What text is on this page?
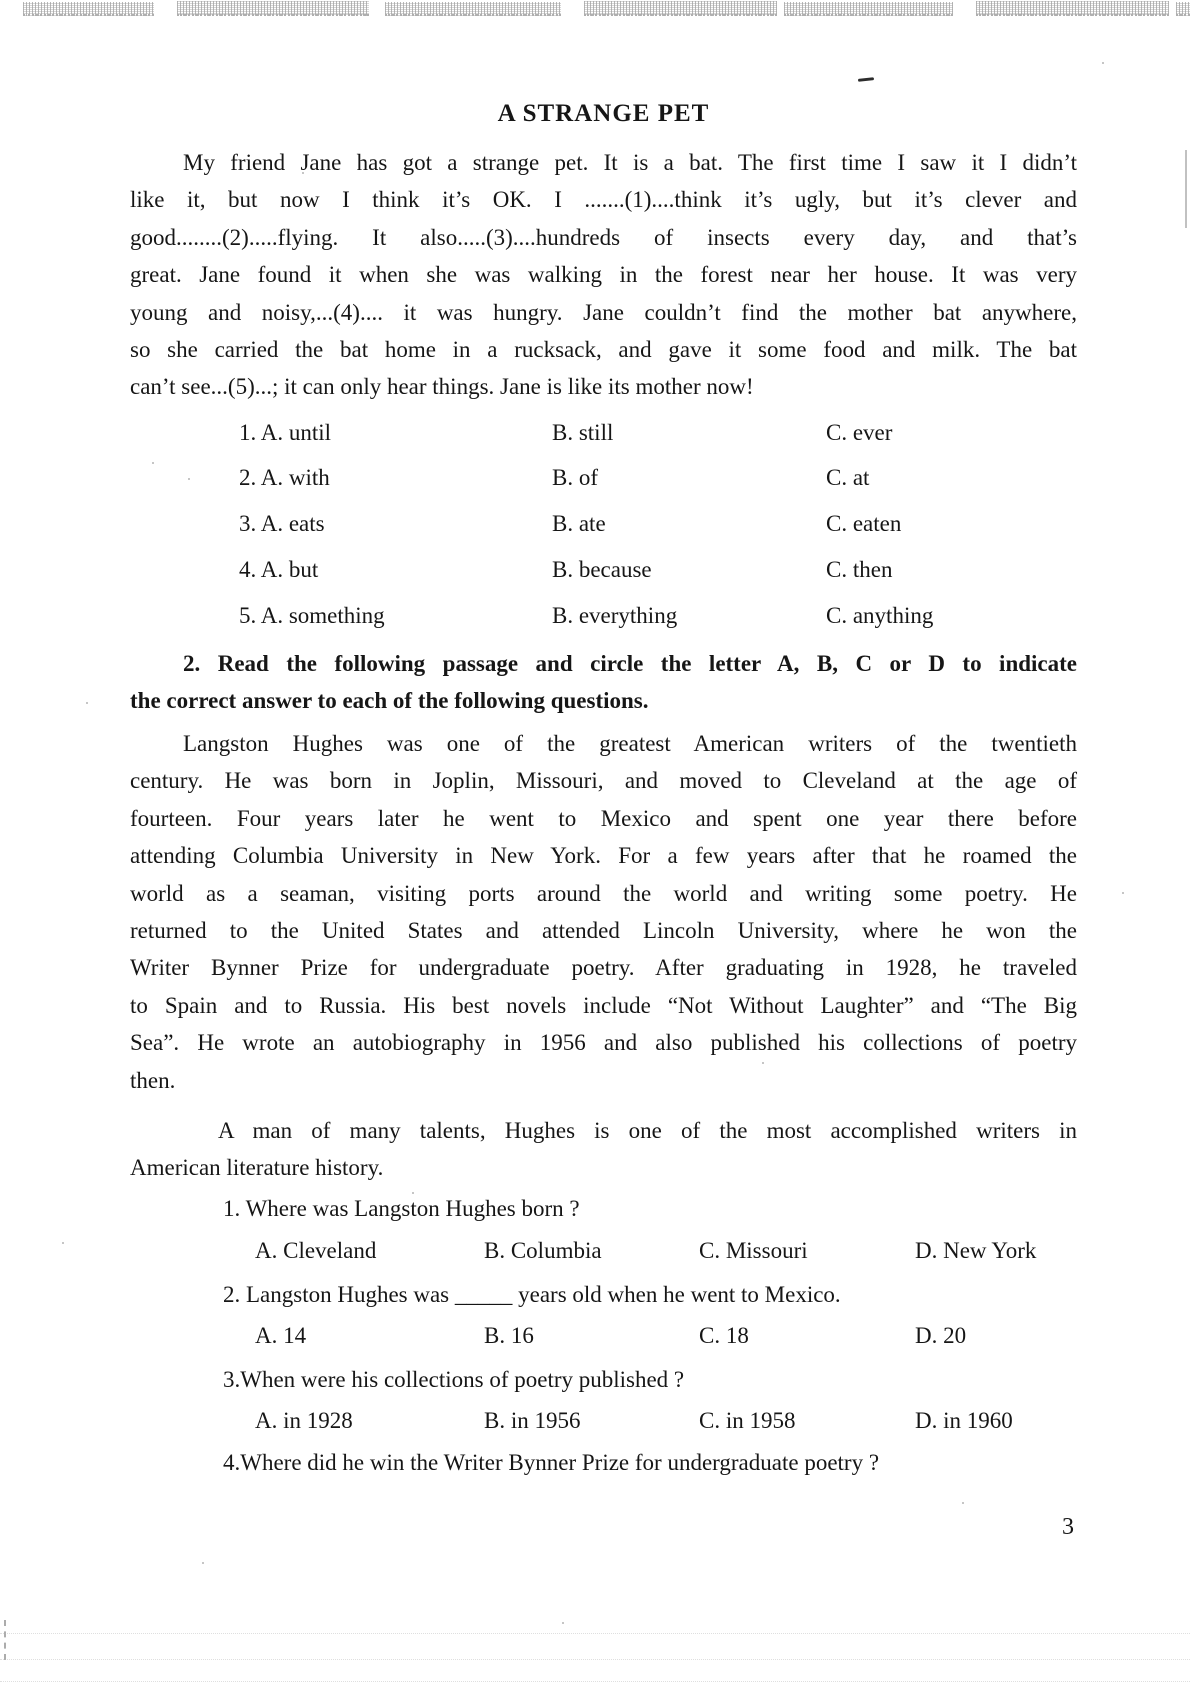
A STRANGE PET
My friend Jane has got a strange pet. It is a bat. The first time I saw it I didn’t
like it, but now I think it’s OK. I .......(1)....think it’s ugly, but it’s clever and
good........(2).....flying. It also.....(3)....hundreds of insects every day, and that’s
great. Jane found it when she was walking in the forest near her house. It was very
young and noisy,...(4).... it was hungry. Jane couldn’t find the mother bat anywhere,
so she carried the bat home in a rucksack, and gave it some food and milk. The bat
can’t see...(5)...; it can only hear things. Jane is like its mother now!
1. A. until	B. still	C. ever
2. A. with	B. of	C. at
3. A. eats	B. ate	C. eaten
4. A. but	B. because	C. then
5. A. something	B. everything	C. anything
2. Read the following passage and circle the letter A, B, C or D to indicate
the correct answer to each of the following questions.
Langston Hughes was one of the greatest American writers of the twentieth
century. He was born in Joplin, Missouri, and moved to Cleveland at the age of
fourteen. Four years later he went to Mexico and spent one year there before
attending Columbia University in New York. For a few years after that he roamed the
world as a seaman, visiting ports around the world and writing some poetry. He
returned to the United States and attended Lincoln University, where he won the
Writer Bynner Prize for undergraduate poetry. After graduating in 1928, he traveled
to Spain and to Russia. His best novels include “Not Without Laughter” and “The Big
Sea”. He wrote an autobiography in 1956 and also published his collections of poetry
then.
A man of many talents, Hughes is one of the most accomplished writers in
American literature history.
1. Where was Langston Hughes born ?
A. Cleveland	B. Columbia	C. Missouri	D. New York
2. Langston Hughes was _____ years old when he went to Mexico.
A. 14	B. 16	C. 18	D. 20
3.When were his collections of poetry published ?
A. in 1928	B. in 1956	C. in 1958	D. in 1960
4.Where did he win the Writer Bynner Prize for undergraduate poetry ?
3
